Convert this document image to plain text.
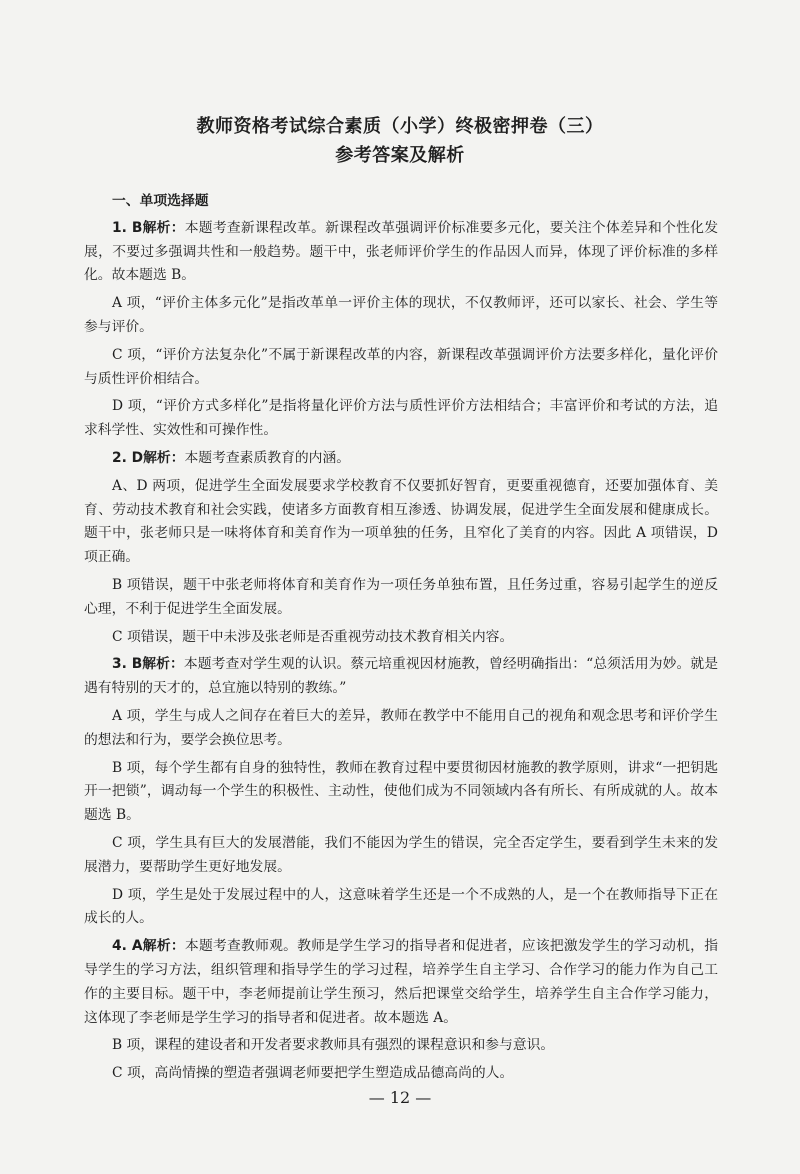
教师资格考试综合素质（小学）终极密押卷（三）
参考答案及解析

一、单项选择题

1. B解析：本题考查新课程改革。新课程改革强调评价标准要多元化，要关注个体差异和个性化发展，不要过多强调共性和一般趋势。题干中，张老师评价学生的作品因人而异，体现了评价标准的多样化。故本题选 B。

A 项，“评价主体多元化”是指改革单一评价主体的现状，不仅教师评，还可以家长、社会、学生等参与评价。

C 项，“评价方法复杂化”不属于新课程改革的内容，新课程改革强调评价方法要多样化，量化评价与质性评价相结合。

D 项，“评价方式多样化”是指将量化评价方法与质性评价方法相结合；丰富评价和考试的方法，追求科学性、实效性和可操作性。

2. D解析：本题考查素质教育的内涵。

A、D 两项，促进学生全面发展要求学校教育不仅要抓好智育，更要重视德育，还要加强体育、美育、劳动技术教育和社会实践，使诸多方面教育相互渗透、协调发展，促进学生全面发展和健康成长。题干中，张老师只是一味将体育和美育作为一项单独的任务，且窄化了美育的内容。因此 A 项错误，D 项正确。

B 项错误，题干中张老师将体育和美育作为一项任务单独布置，且任务过重，容易引起学生的逆反心理，不利于促进学生全面发展。

C 项错误，题干中未涉及张老师是否重视劳动技术教育相关内容。

3. B解析：本题考查对学生观的认识。蔡元培重视因材施教，曾经明确指出：“总须活用为妙。就是遇有特别的天才的，总宜施以特别的教练。”

A 项，学生与成人之间存在着巨大的差异，教师在教学中不能用自己的视角和观念思考和评价学生的想法和行为，要学会换位思考。

B 项，每个学生都有自身的独特性，教师在教育过程中要贯彻因材施教的教学原则，讲求“一把钥匙开一把锁”，调动每一个学生的积极性、主动性，使他们成为不同领域内各有所长、有所成就的人。故本题选 B。

C 项，学生具有巨大的发展潜能，我们不能因为学生的错误，完全否定学生，要看到学生未来的发展潜力，要帮助学生更好地发展。

D 项，学生是处于发展过程中的人，这意味着学生还是一个不成熟的人，是一个在教师指导下正在成长的人。

4. A解析：本题考查教师观。教师是学生学习的指导者和促进者，应该把激发学生的学习动机，指导学生的学习方法，组织管理和指导学生的学习过程，培养学生自主学习、合作学习的能力作为自己工作的主要目标。题干中，李老师提前让学生预习，然后把课堂交给学生，培养学生自主合作学习能力，这体现了李老师是学生学习的指导者和促进者。故本题选 A。

B 项，课程的建设者和开发者要求教师具有强烈的课程意识和参与意识。

C 项，高尚情操的塑造者强调老师要把学生塑造成品德高尚的人。

— 12 —
